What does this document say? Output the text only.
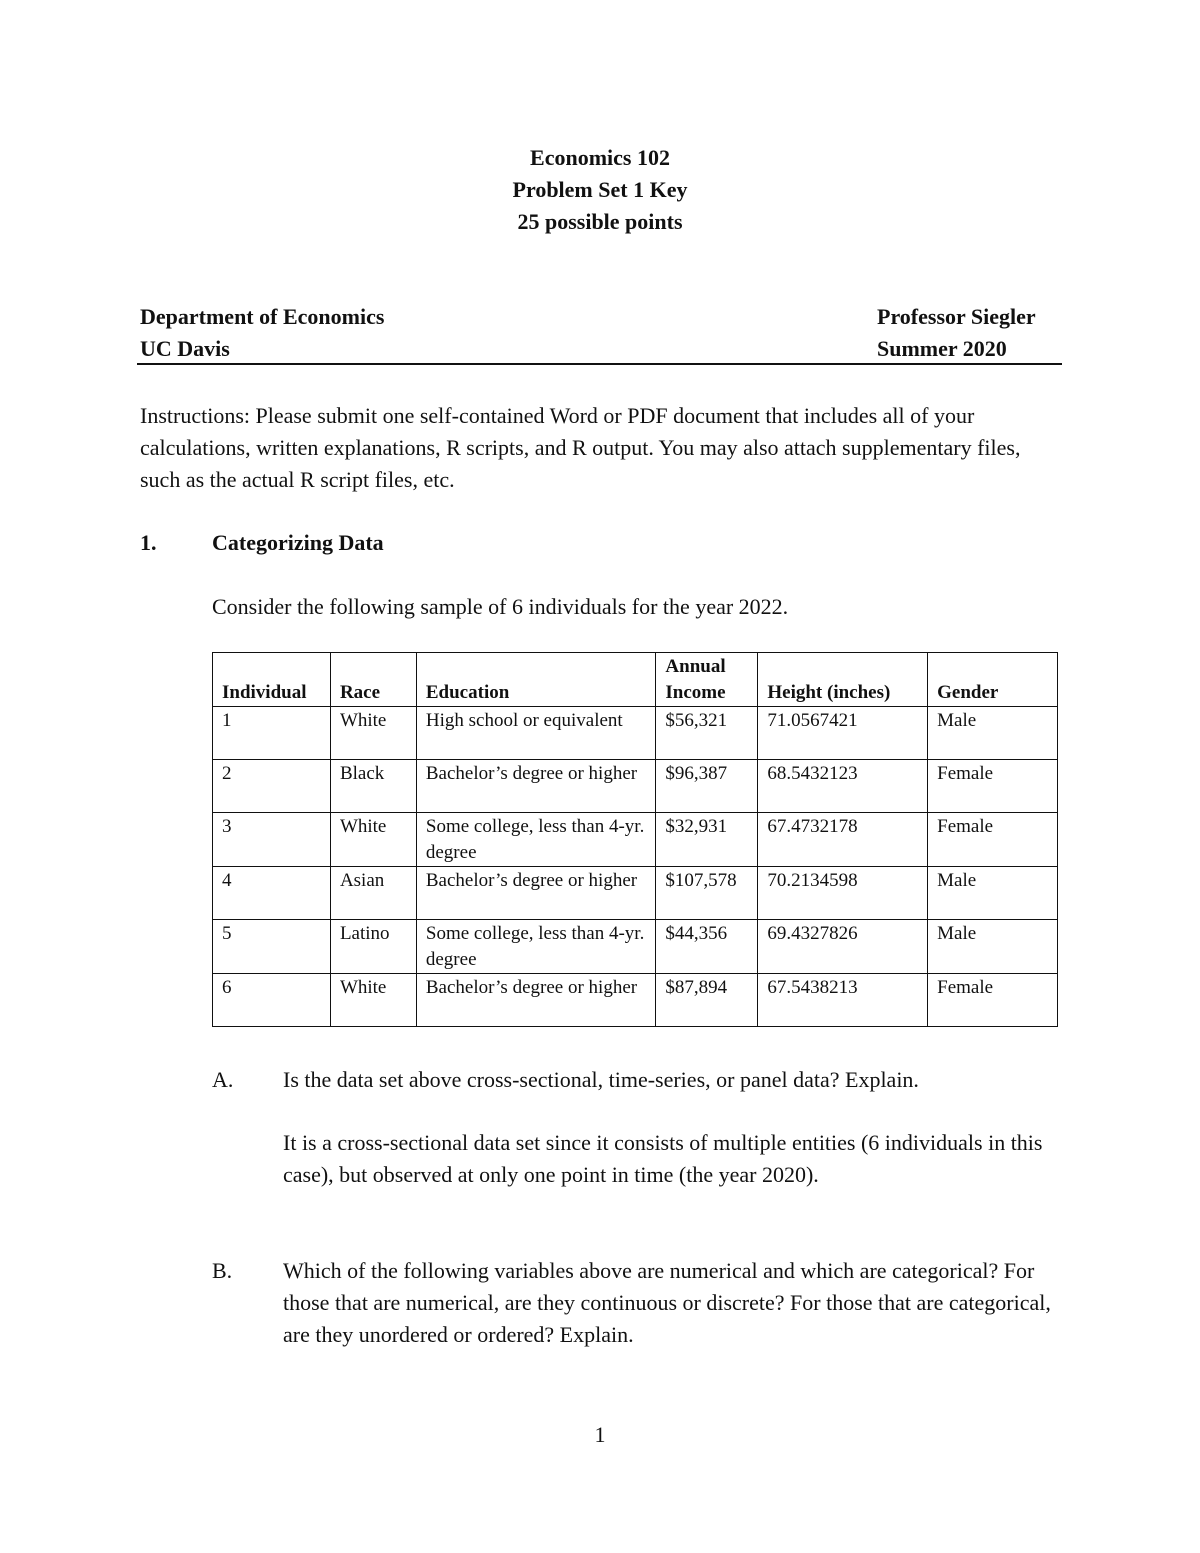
Economics 102
Problem Set 1 Key
25 possible points
Department of Economics	Professor Siegler
UC Davis	Summer 2020
Instructions: Please submit one self-contained Word or PDF document that includes all of your calculations, written explanations, R scripts, and R output. You may also attach supplementary files, such as the actual R script files, etc.
1.	Categorizing Data
Consider the following sample of 6 individuals for the year 2022.
Individual	Race	Education	Annual Income	Height (inches)	Gender
1	White	High school or equivalent	$56,321	71.0567421	Male
2	Black	Bachelor’s degree or higher	$96,387	68.5432123	Female
3	White	Some college, less than 4-yr. degree	$32,931	67.4732178	Female
4	Asian	Bachelor’s degree or higher	$107,578	70.2134598	Male
5	Latino	Some college, less than 4-yr. degree	$44,356	69.4327826	Male
6	White	Bachelor’s degree or higher	$87,894	67.5438213	Female
A. Is the data set above cross-sectional, time-series, or panel data? Explain.
It is a cross-sectional data set since it consists of multiple entities (6 individuals in this case), but observed at only one point in time (the year 2020).
B. Which of the following variables above are numerical and which are categorical? For those that are numerical, are they continuous or discrete? For those that are categorical, are they unordered or ordered? Explain.
1
